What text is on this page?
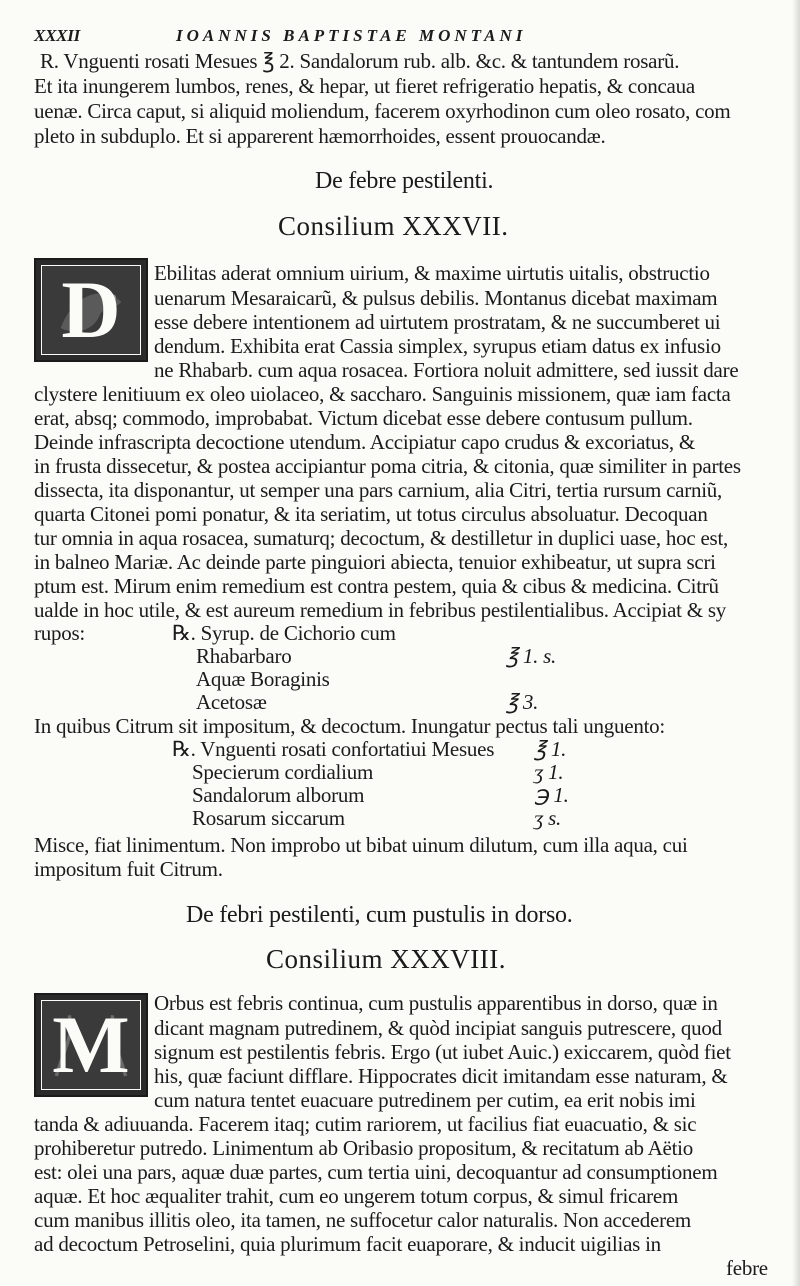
XXXII	IOANNIS BAPTISTAE MONTANI
R. Vnguenti rosati Mesues ℥ 2. Sandalorum rub. alb. &c. & tantundem rosarũ.
Et ita inungerem lumbos, renes, & hepar, ut fieret refrigeratio hepatis, & concaua
uenæ. Circa caput, si aliquid moliendum, facerem oxyrhodinon cum oleo rosato, com
pleto in subduplo. Et si apparerent hæmorrhoides, essent prouocandæ.
De febre pestilenti.
Consilium XXXVII.
D Ebilitas aderat omnium uirium, & maxime uirtutis uitalis, obstructio
uenarum Mesaraicarũ, & pulsus debilis. Montanus dicebat maximam
esse debere intentionem ad uirtutem prostratam, & ne succumberet ui
dendum. Exhibita erat Cassia simplex, syrupus etiam datus ex infusio
ne Rhabarb. cum aqua rosacea. Fortiora noluit admittere, sed iussit dare
clystere lenitiuum ex oleo uiolaceo, & saccharo. Sanguinis missionem, quæ iam facta
erat, absq; commodo, improbabat. Victum dicebat esse debere contusum pullum.
Deinde infrascripta decoctione utendum. Accipiatur capo crudus & excoriatus, &
in frusta dissecetur, & postea accipiantur poma citria, & citonia, quæ similiter in partes
dissecta, ita disponantur, ut semper una pars carnium, alia Citri, tertia rursum carniũ,
quarta Citonei pomi ponatur, & ita seriatim, ut totus circulus absoluatur. Decoquan
tur omnia in aqua rosacea, sumaturq; decoctum, & destilletur in duplici uase, hoc est,
in balneo Mariæ. Ac deinde parte pinguiori abiecta, tenuior exhibeatur, ut supra scri
ptum est. Mirum enim remedium est contra pestem, quia & cibus & medicina. Citrũ
ualde in hoc utile, & est aureum remedium in febribus pestilentialibus. Accipiat & sy
rupos:	℞. Syrup. de Cichorio cum
Rhabarbaro	℥ 1. s.
Aquæ Boraginis
Acetosæ	℥ 3.
In quibus Citrum sit impositum, & decoctum. Inungatur pectus tali unguento:
℞. Vnguenti rosati confortatiui Mesues ℥ 1.
Specierum cordialium	ʒ 1.
Sandalorum alborum	℈ 1.
Rosarum siccarum	ʒ s.
Misce, fiat linimentum. Non improbo ut bibat uinum dilutum, cum illa aqua, cui
impositum fuit Citrum.
De febri pestilenti, cum pustulis in dorso.
Consilium XXXVIII.
M Orbus est febris continua, cum pustulis apparentibus in dorso, quæ in
dicant magnam putredinem, & quòd incipiat sanguis putrescere, quod
signum est pestilentis febris. Ergo (ut iubet Auic.) exiccarem, quòd fiet
his, quæ faciunt difflare. Hippocrates dicit imitandam esse naturam, &
cum natura tentet euacuare putredinem per cutim, ea erit nobis imi
tanda & adiuuanda. Facerem itaq; cutim rariorem, ut facilius fiat euacuatio, & sic
prohiberetur putredo. Linimentum ab Oribasio propositum, & recitatum ab Aëtio
est: olei una pars, aquæ duæ partes, cum tertia uini, decoquantur ad consumptionem
aquæ. Et hoc æqualiter trahit, cum eo ungerem totum corpus, & simul fricarem
cum manibus illitis oleo, ita tamen, ne suffocetur calor naturalis. Non accederem
ad decoctum Petroselini, quia plurimum facit euaporare, & inducit uigilias in
febre
